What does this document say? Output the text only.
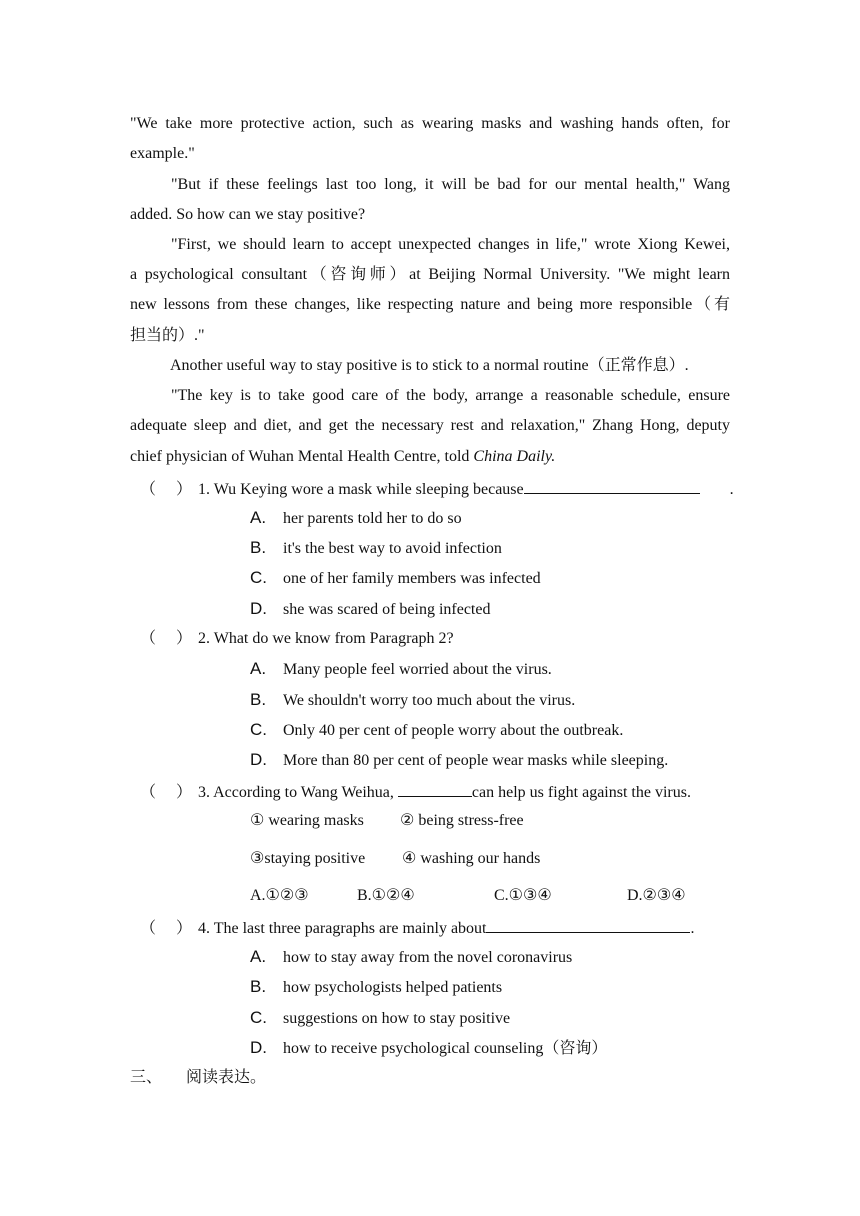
"We take more protective action, such as wearing masks and washing hands often, for
example."
"But if these feelings last too long, it will be bad for our mental health," Wang
added. So how can we stay positive?
"First, we should learn to accept unexpected changes in life," wrote Xiong Kewei,
a psychological consultant（咨询师）at Beijing Normal University. "We might learn
new lessons from these changes, like respecting nature and being more responsible（有
担当的）."
Another useful way to stay positive is to stick to a normal routine（正常作息）.
"The key is to take good care of the body, arrange a reasonable schedule, ensure
adequate sleep and diet, and get the necessary rest and relaxation," Zhang Hong, deputy
chief physician of Wuhan Mental Health Centre, told China Daily.
（ ） 1. Wu Keying wore a mask while sleeping because	.
A. her parents told her to do so
B. it's the best way to avoid infection
C. one of her family members was infected
D. she was scared of being infected
（ ） 2. What do we know from Paragraph 2?
A. Many people feel worried about the virus.
B. We shouldn't worry too much about the virus.
C. Only 40 per cent of people worry about the outbreak.
D. More than 80 per cent of people wear masks while sleeping.
（ ） 3. According to Wang Weihua,	can help us fight against the virus.
① wearing masks ② being stress-free
③staying positive ④ washing our hands
A.①②③	B.①②④	C.①③④	D.②③④
（ ） 4. The last three paragraphs are mainly about	.
A. how to stay away from the novel coronavirus
B. how psychologists helped patients
C. suggestions on how to stay positive
D. how to receive psychological counseling（咨询）
三、 阅读表达。
